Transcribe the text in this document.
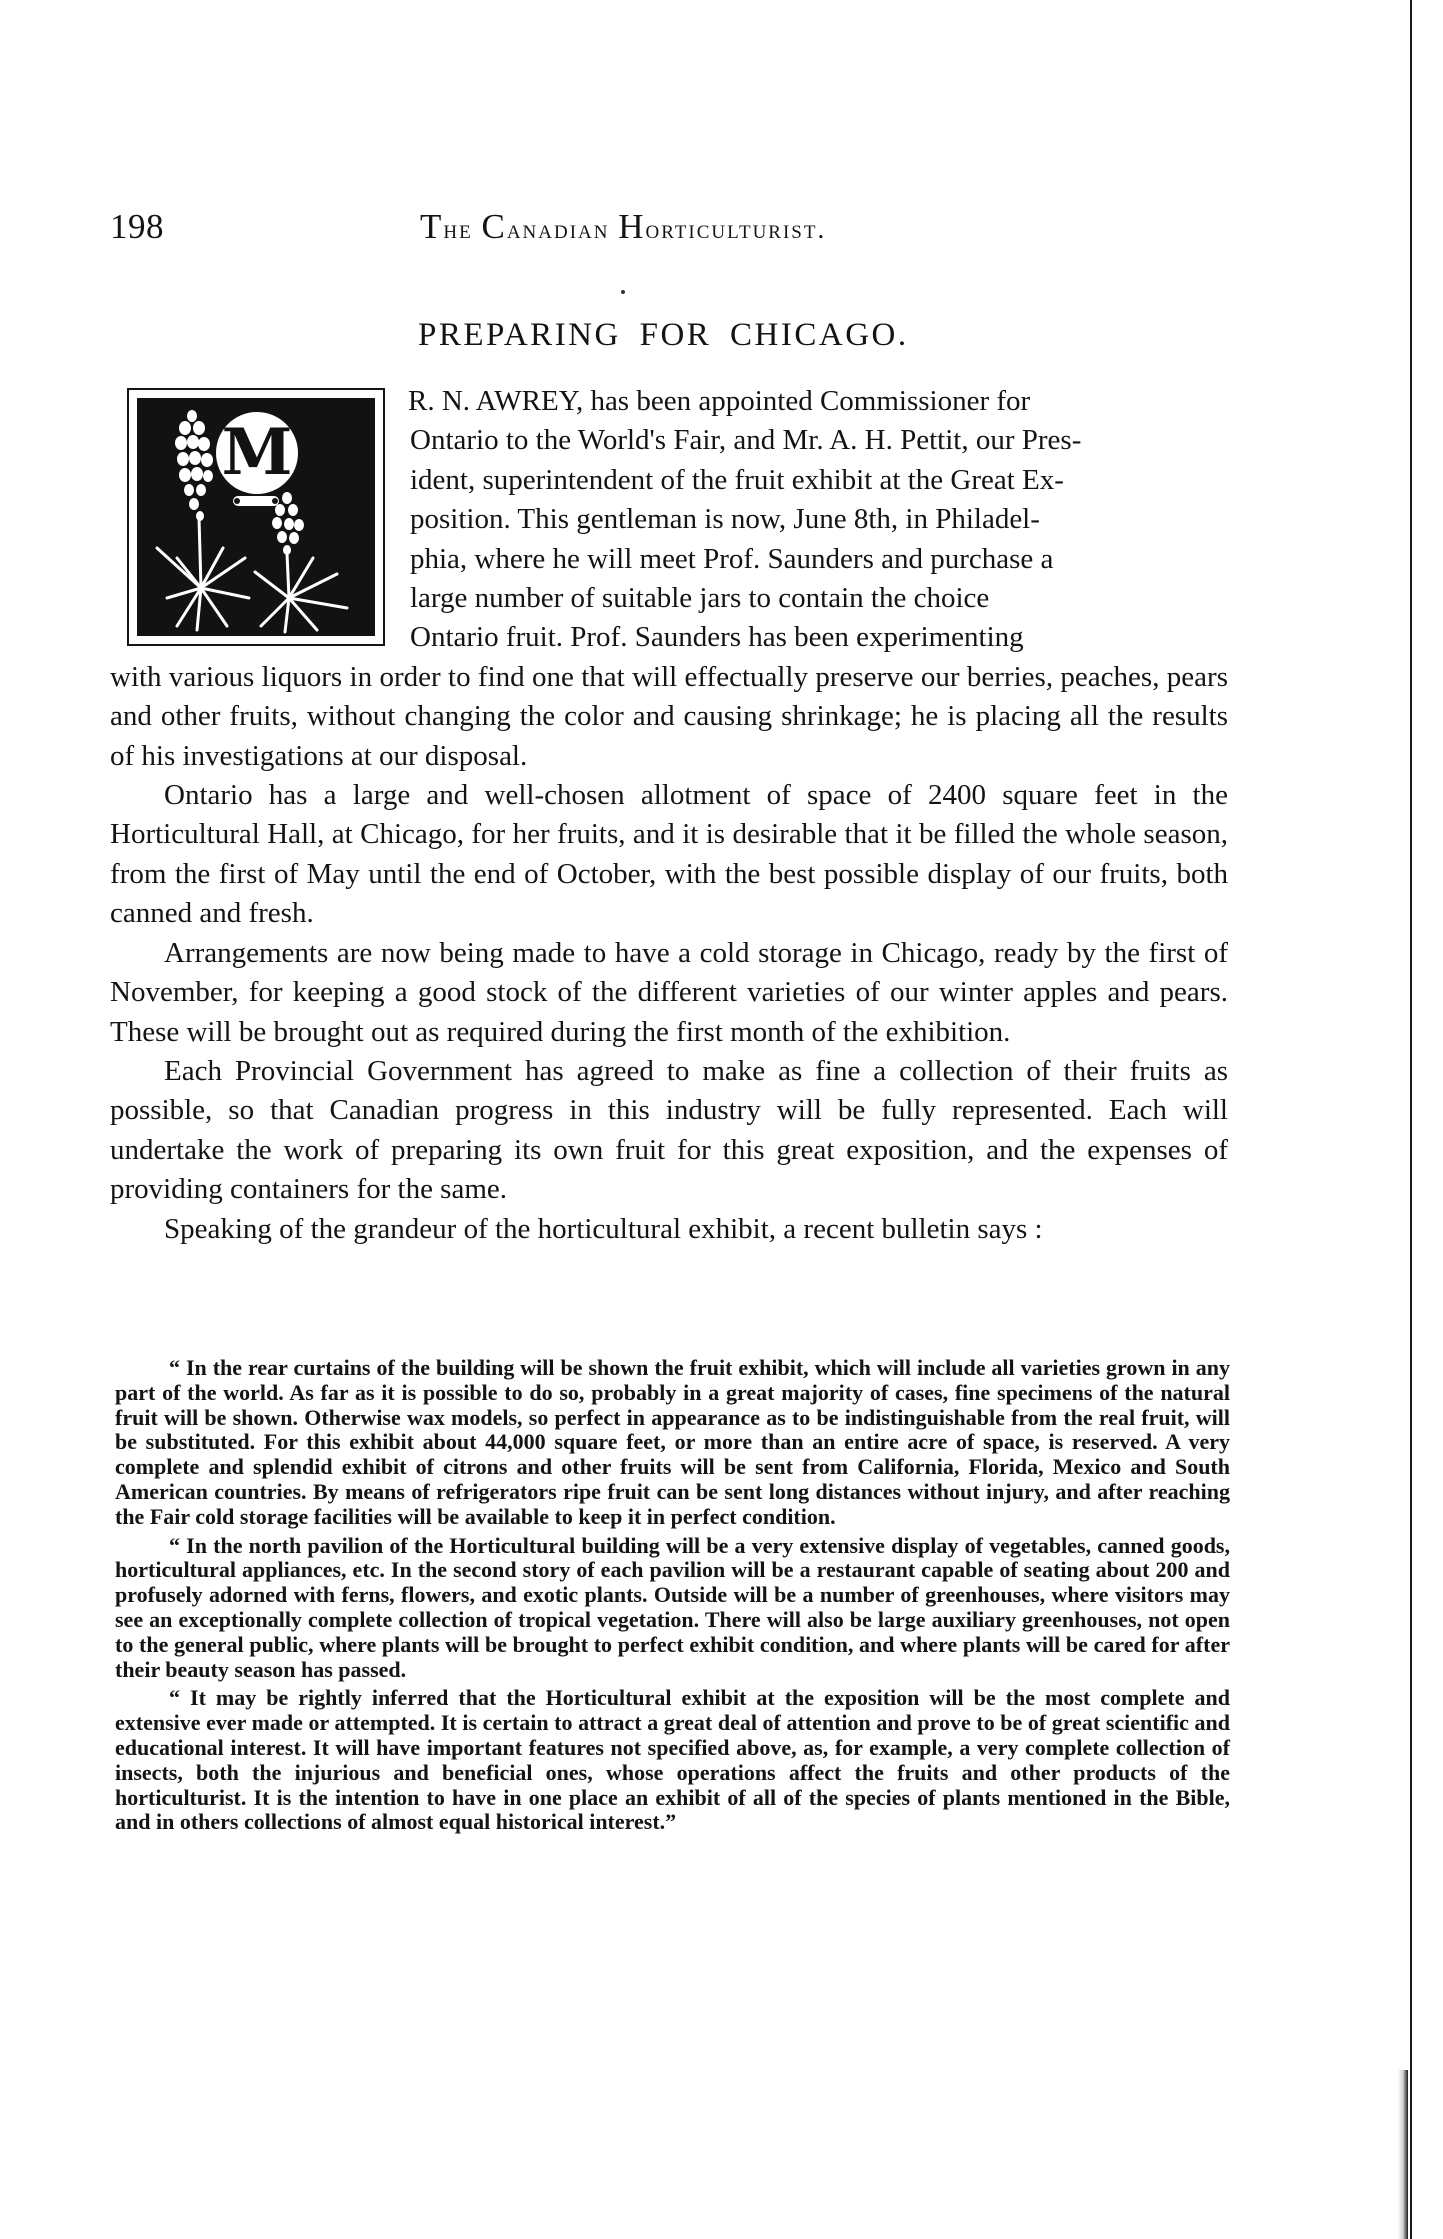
198	The Canadian Horticulturist.
PREPARING FOR CHICAGO.
M
R. N. AWREY, has been appointed Commissioner for
Ontario to the World's Fair, and Mr. A. H. Pettit, our Pres-
ident, superintendent of the fruit exhibit at the Great Ex-
position. This gentleman is now, June 8th, in Philadel-
phia, where he will meet Prof. Saunders and purchase a
large number of suitable jars to contain the choice
Ontario fruit. Prof. Saunders has been experimenting

with various liquors in order to find one that will effectually preserve our berries, peaches, pears and other fruits, without changing the color and causing shrinkage; he is placing all the results of his investigations at our disposal.

Ontario has a large and well-chosen allotment of space of 2400 square feet in the Horticultural Hall, at Chicago, for her fruits, and it is desirable that it be filled the whole season, from the first of May until the end of October, with the best possible display of our fruits, both canned and fresh.

Arrangements are now being made to have a cold storage in Chicago, ready by the first of November, for keeping a good stock of the different varieties of our winter apples and pears. These will be brought out as required during the first month of the exhibition.

Each Provincial Government has agreed to make as fine a collection of their fruits as possible, so that Canadian progress in this industry will be fully represented. Each will undertake the work of preparing its own fruit for this great exposition, and the expenses of providing containers for the same.

Speaking of the grandeur of the horticultural exhibit, a recent bulletin says :

“ In the rear curtains of the building will be shown the fruit exhibit, which will include all varieties grown in any part of the world. As far as it is possible to do so, probably in a great majority of cases, fine specimens of the natural fruit will be shown. Otherwise wax models, so perfect in appearance as to be indistinguishable from the real fruit, will be substituted. For this exhibit about 44,000 square feet, or more than an entire acre of space, is reserved. A very complete and splendid exhibit of citrons and other fruits will be sent from California, Florida, Mexico and South American countries. By means of refrigerators ripe fruit can be sent long distances without injury, and after reaching the Fair cold storage facilities will be available to keep it in perfect condition.

“ In the north pavilion of the Horticultural building will be a very extensive display of vegetables, canned goods, horticultural appliances, etc. In the second story of each pavilion will be a restaurant capable of seating about 200 and profusely adorned with ferns, flowers, and exotic plants. Outside will be a number of greenhouses, where visitors may see an exceptionally complete collection of tropical vegetation. There will also be large auxiliary greenhouses, not open to the general public, where plants will be brought to perfect exhibit condition, and where plants will be cared for after their beauty season has passed.

“ It may be rightly inferred that the Horticultural exhibit at the exposition will be the most complete and extensive ever made or attempted. It is certain to attract a great deal of attention and prove to be of great scientific and educational interest. It will have important features not specified above, as, for example, a very complete collection of insects, both the injurious and beneficial ones, whose operations affect the fruits and other products of the horticulturist. It is the intention to have in one place an exhibit of all of the species of plants mentioned in the Bible, and in others collections of almost equal historical interest.”
